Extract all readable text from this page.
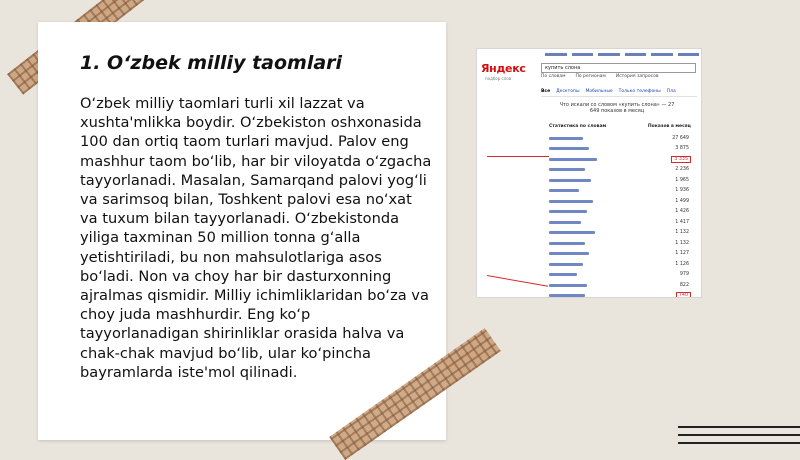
1. O‘zbek milliy taomlari

O‘zbek milliy taomlari turli xil lazzat va xushta'mlikka boydir. O‘zbekiston oshxonasida 100 dan ortiq taom turlari mavjud. Palov eng mashhur taom bo‘lib, har bir viloyatda o‘zgacha tayyorlanadi. Masalan, Samarqand palovi yog‘li va sarimsoq bilan, Toshkent palovi esa no‘xat va tuxum bilan tayyorlanadi. O‘zbekistonda yiliga taxminan 50 million tonna g‘alla yetishtiriladi, bu non mahsulotlariga asos bo‘ladi. Non va choy har bir dasturxonning ajralmas qismidir. Milliy ichimliklaridan bo‘za va choy juda mashhurdir. Eng ko‘p tayyorlanadigan shirinliklar orasida halva va chak-chak mavjud bo‘lib, ular ko‘pincha bayramlarda iste'mol qilinadi.

Яндекс
подбор слов
купить слона
По словам По регионам История запросов
Все Десктопы Мобильные Только телефоны Пла
Что искали со словом «купить слона» — 27 649 показов в месяц
Статистика по словам	Показов в месяц
27 649
3 875
3 335
2 236
1 965
1 936
1 499
1 426
1 417
1 132
1 132
1 127
1 126
979
822
740
